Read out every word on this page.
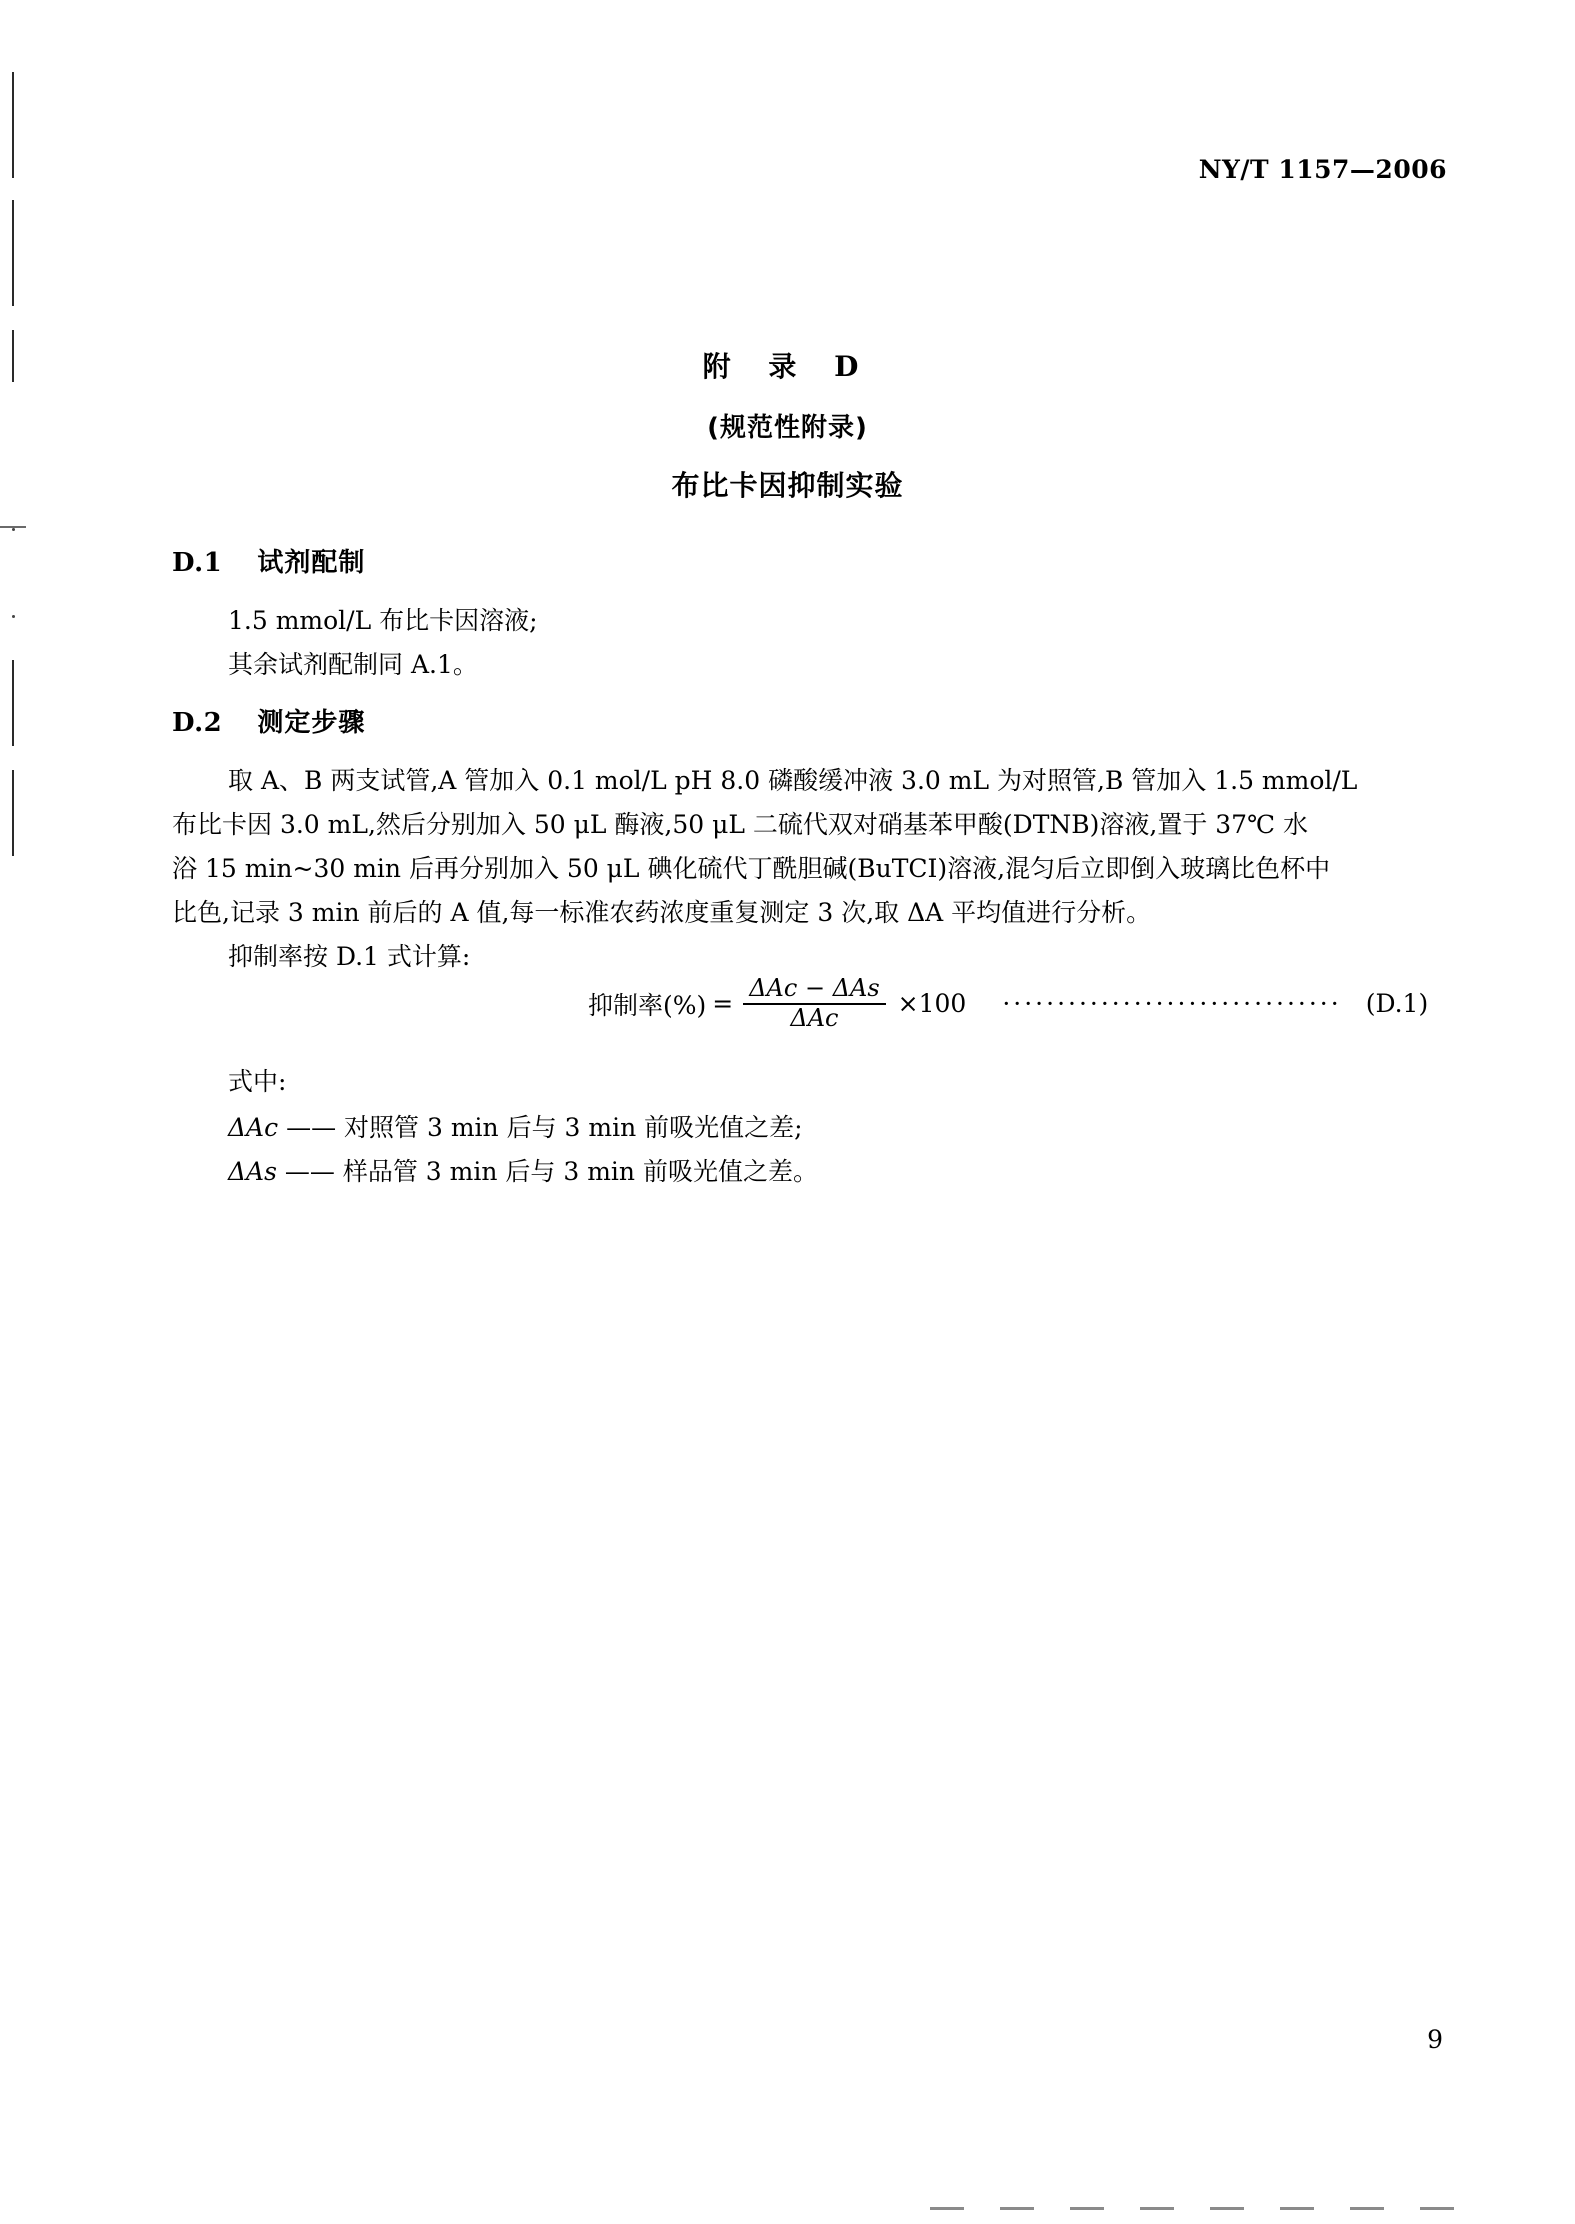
NY/T 1157—2006
附 录 D
(规范性附录)
布比卡因抑制实验
D.1 试剂配制
1.5 mmol/L 布比卡因溶液;
其余试剂配制同 A.1。
D.2 测定步骤
取 A、B 两支试管,A 管加入 0.1 mol/L pH 8.0 磷酸缓冲液 3.0 mL 为对照管,B 管加入 1.5 mmol/L
布比卡因 3.0 mL,然后分别加入 50 μL 酶液,50 μL 二硫代双对硝基苯甲酸(DTNB)溶液,置于 37℃ 水
浴 15 min~30 min 后再分别加入 50 μL 碘化硫代丁酰胆碱(BuTCI)溶液,混匀后立即倒入玻璃比色杯中
比色,记录 3 min 前后的 A 值,每一标准农药浓度重复测定 3 次,取 ΔA 平均值进行分析。
抑制率按 D.1 式计算:
抑制率(%) = $\frac{\text{ΔAc − ΔAs}}{\text{ΔAc}} \times 100$ ······························· (D.1)
式中:
ΔAc —— 对照管 3 min 后与 3 min 前吸光值之差;
ΔAs —— 样品管 3 min 后与 3 min 前吸光值之差。
9
